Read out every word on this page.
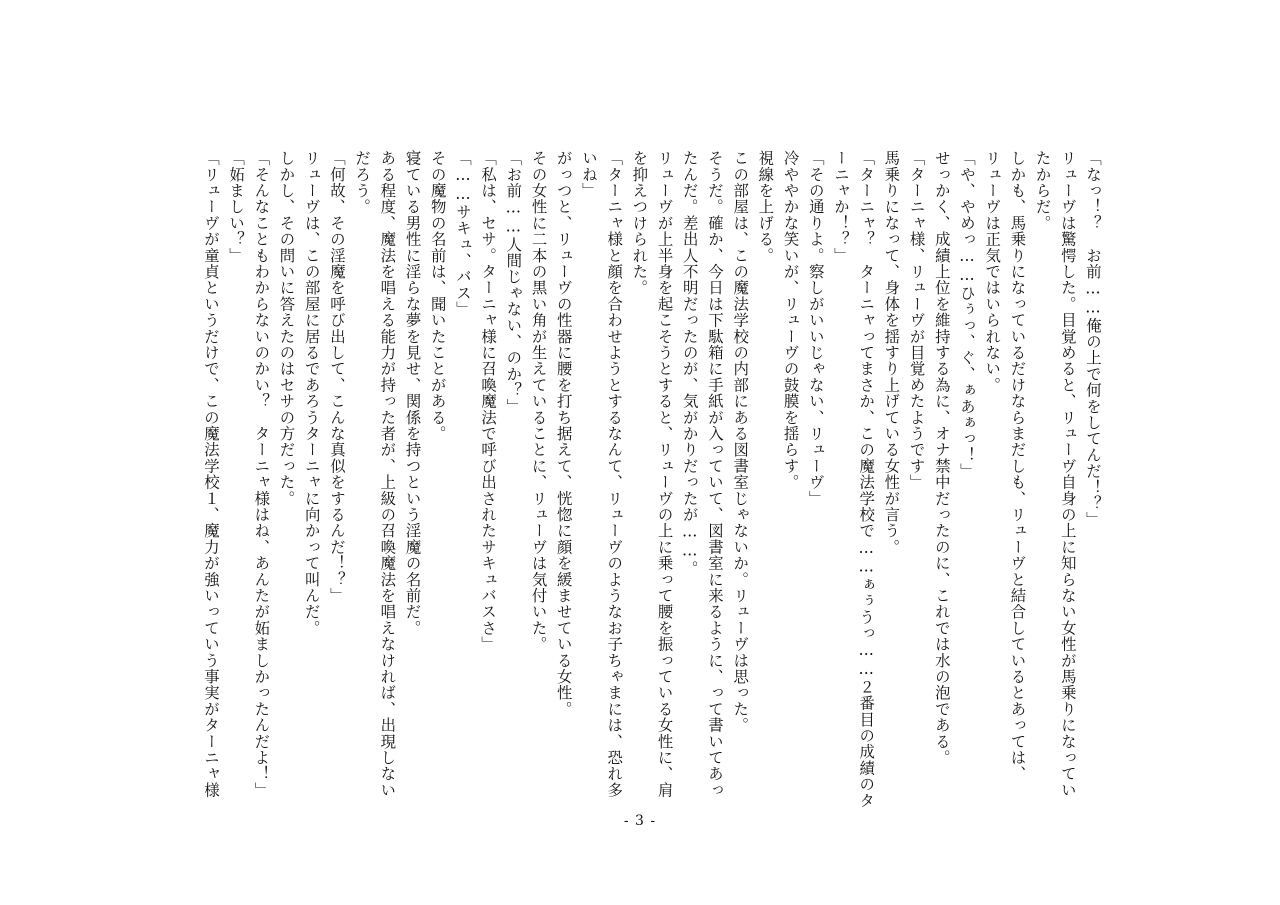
「なっ！？　お前……俺の上で何をしてんだ！？」

リューヴは驚愕した。目覚めると、リューヴ自身の上に知らない女性が馬乗りになってい

たからだ。

しかも、馬乗りになっているだけならまだしも、リューヴと結合しているとあっては、

リューヴは正気ではいられない。

「や、やめっ……ひぅっ、ぐ、ぁあぁっ！」

せっかく、成績上位を維持する為に、オナ禁中だったのに、これでは水の泡である。

「ターニャ様、リューヴが目覚めたようです」

馬乗りになって、身体を揺すり上げている女性が言う。

「ターニャ？　ターニャってまさか、この魔法学校で……ぁぅうっ……２番目の成績のタ

ーニャか！？」

「その通りよ。察しがいいじゃない、リューヴ」

冷ややかな笑いが、リューヴの鼓膜を揺らす。

視線を上げる。

この部屋は、この魔法学校の内部にある図書室じゃないか。リューヴは思った。

そうだ。確か、今日は下駄箱に手紙が入っていて、図書室に来るように、って書いてあっ

たんだ。差出人不明だったのが、気がかりだったが……。

リューヴが上半身を起こそうとすると、リューヴの上に乗って腰を振っている女性に、肩

を抑えつけられた。

「ターニャ様と顔を合わせようとするなんて、リューヴのようなお子ちゃまには、恐れ多

いね」

がっつと、リューヴの性器に腰を打ち据えて、恍惚に顔を緩ませている女性。

その女性に二本の黒い角が生えていることに、リューヴは気付いた。

「お前……人間じゃない、のか？」

「私は、セサ。ターニャ様に召喚魔法で呼び出されたサキュバスさ」

「……サキュ、バス」

その魔物の名前は、聞いたことがある。

寝ている男性に淫らな夢を見せ、関係を持つという淫魔の名前だ。

ある程度、魔法を唱える能力が持った者が、上級の召喚魔法を唱えなければ、出現しない

だろう。

「何故、その淫魔を呼び出して、こんな真似をするんだ！？」

リューヴは、この部屋に居るであろうターニャに向かって叫んだ。

しかし、その問いに答えたのはセサの方だった。

「そんなこともわからないのかい？　ターニャ様はね、あんたが妬ましかったんだよ！」

「妬ましい？」

「リューヴが童貞というだけで、この魔法学校１、魔力が強いっていう事実がターニャ様

- 3 -
